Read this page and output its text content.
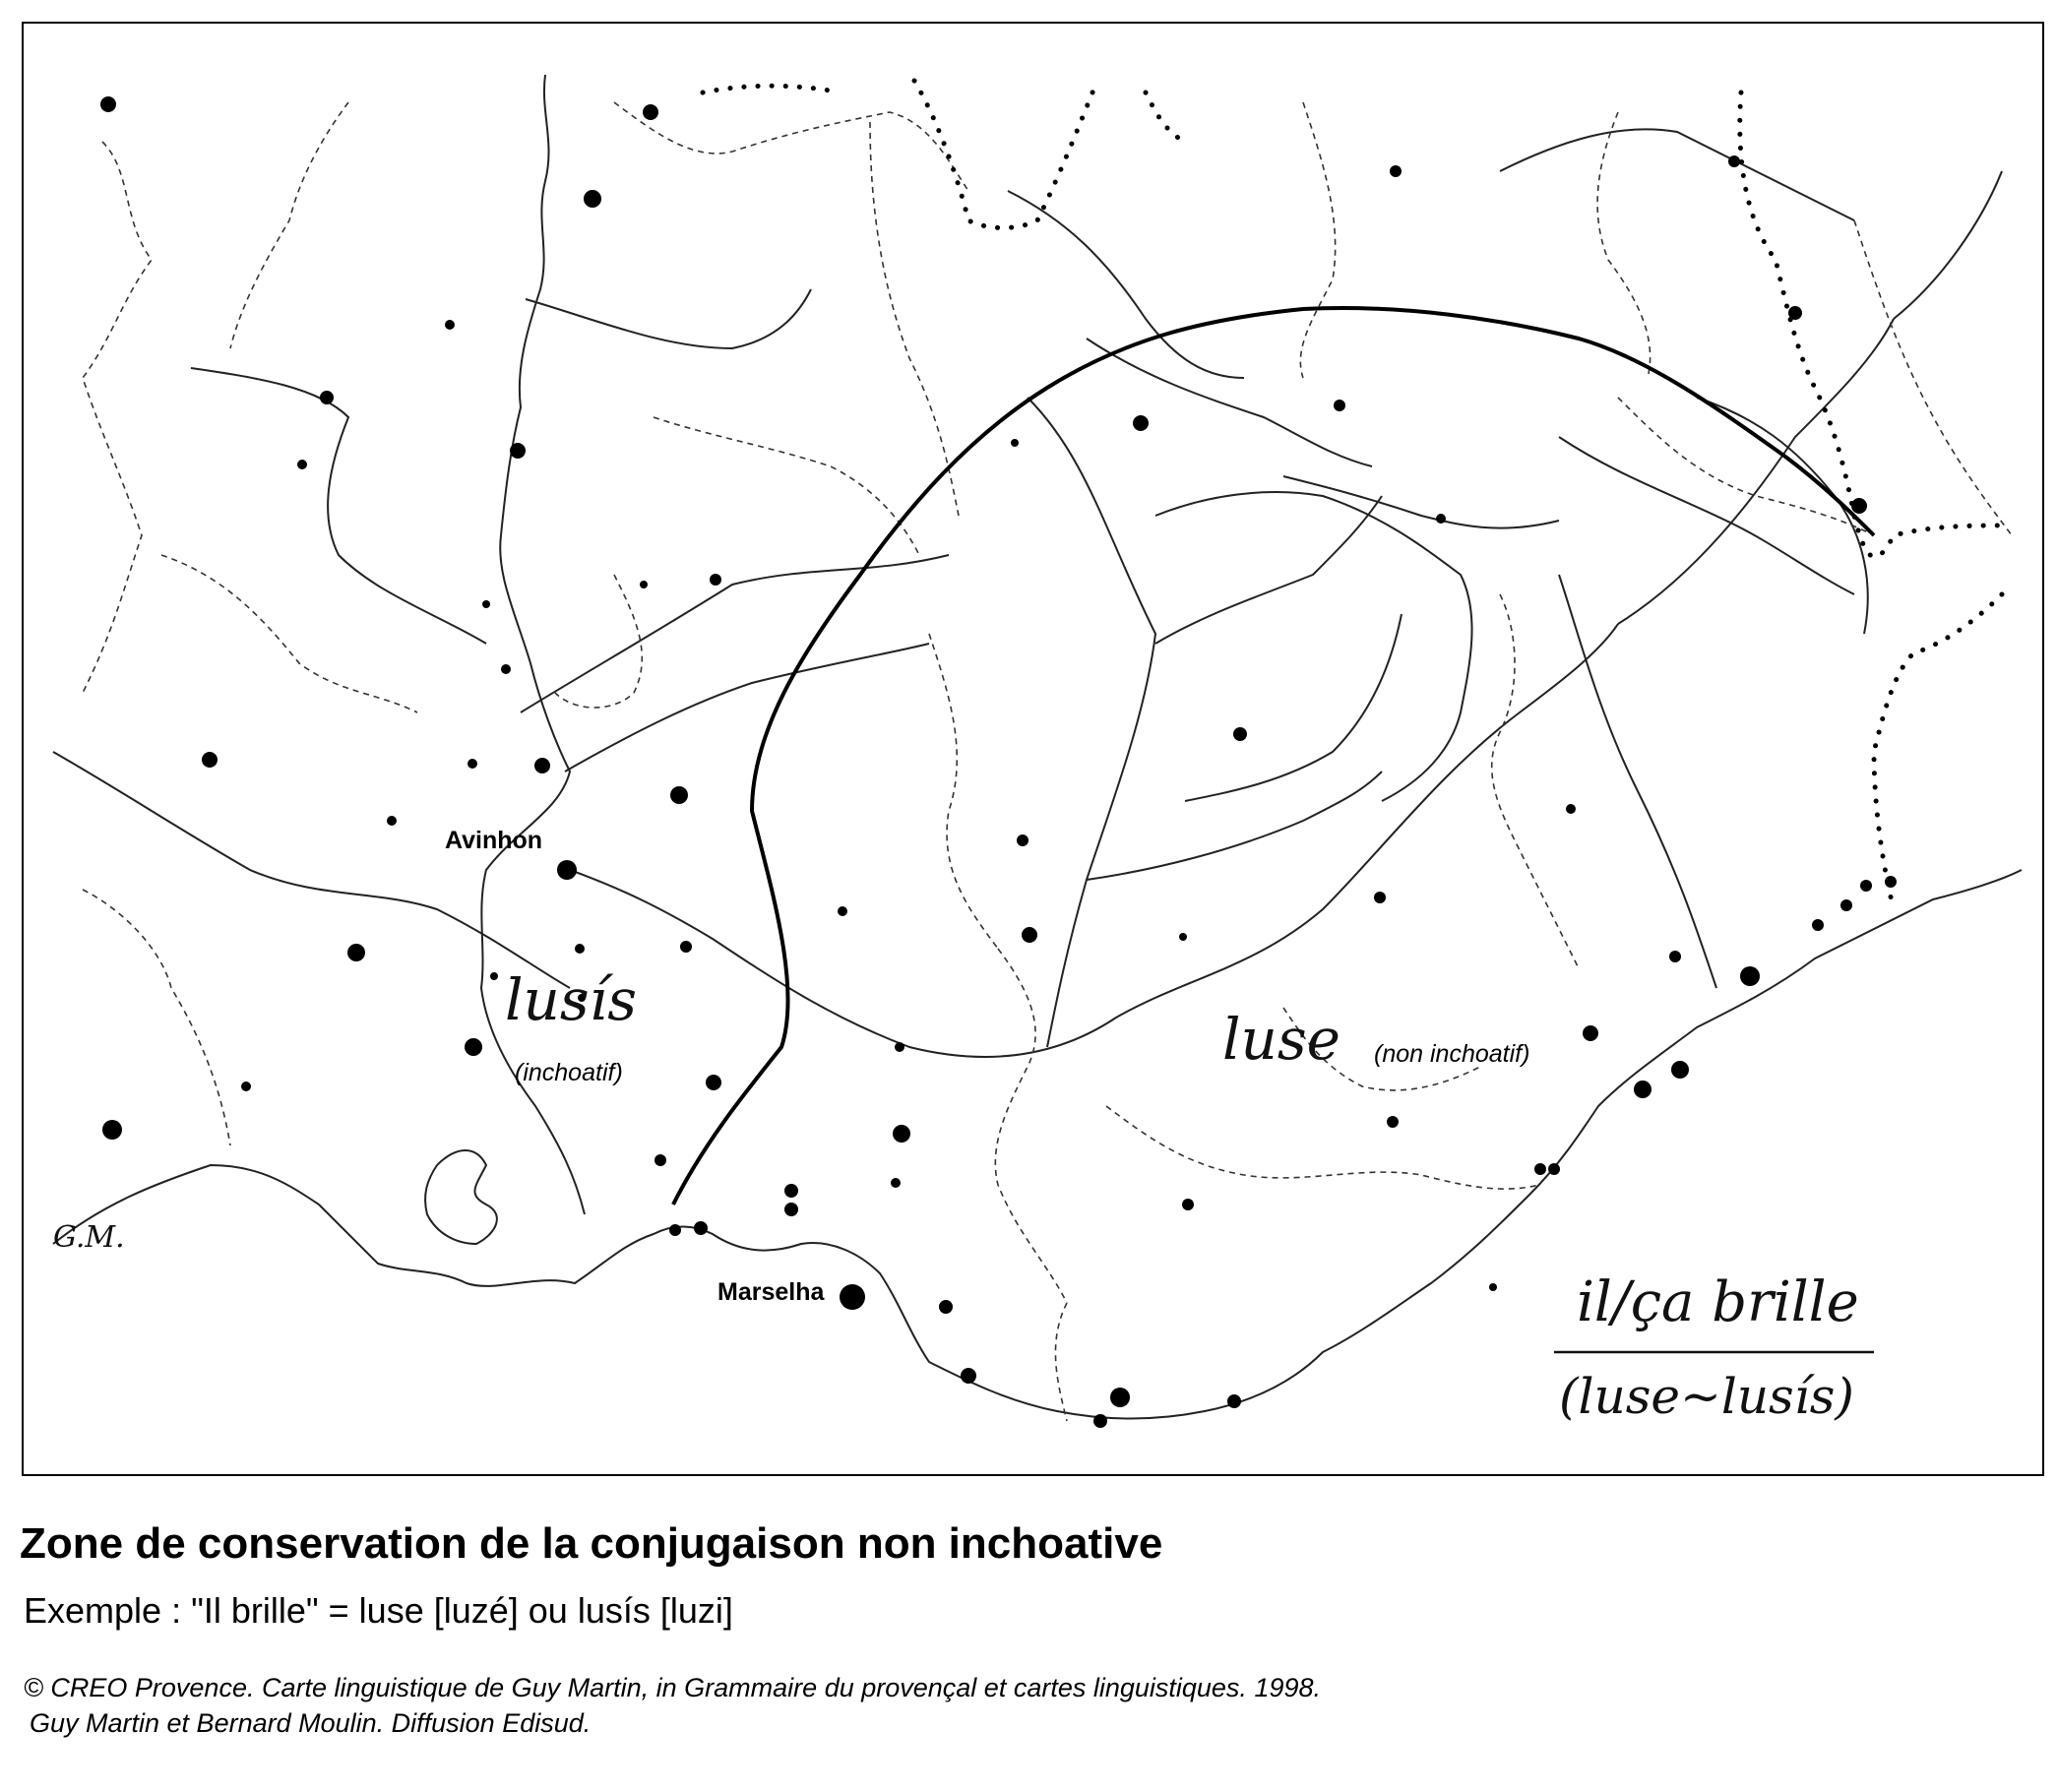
Avinhon
Marselha
lusís
(inchoatif)	luse (non inchoatif)
G.M.
il/ça brille
(luse~lusís)
Zone de conservation de la conjugaison non inchoative
Exemple : "Il brille" = luse [luzé] ou lusís [luzi]
© CREO Provence. Carte linguistique de Guy Martin, in Grammaire du provençal et cartes linguistiques. 1998.
Guy Martin et Bernard Moulin. Diffusion Edisud.
